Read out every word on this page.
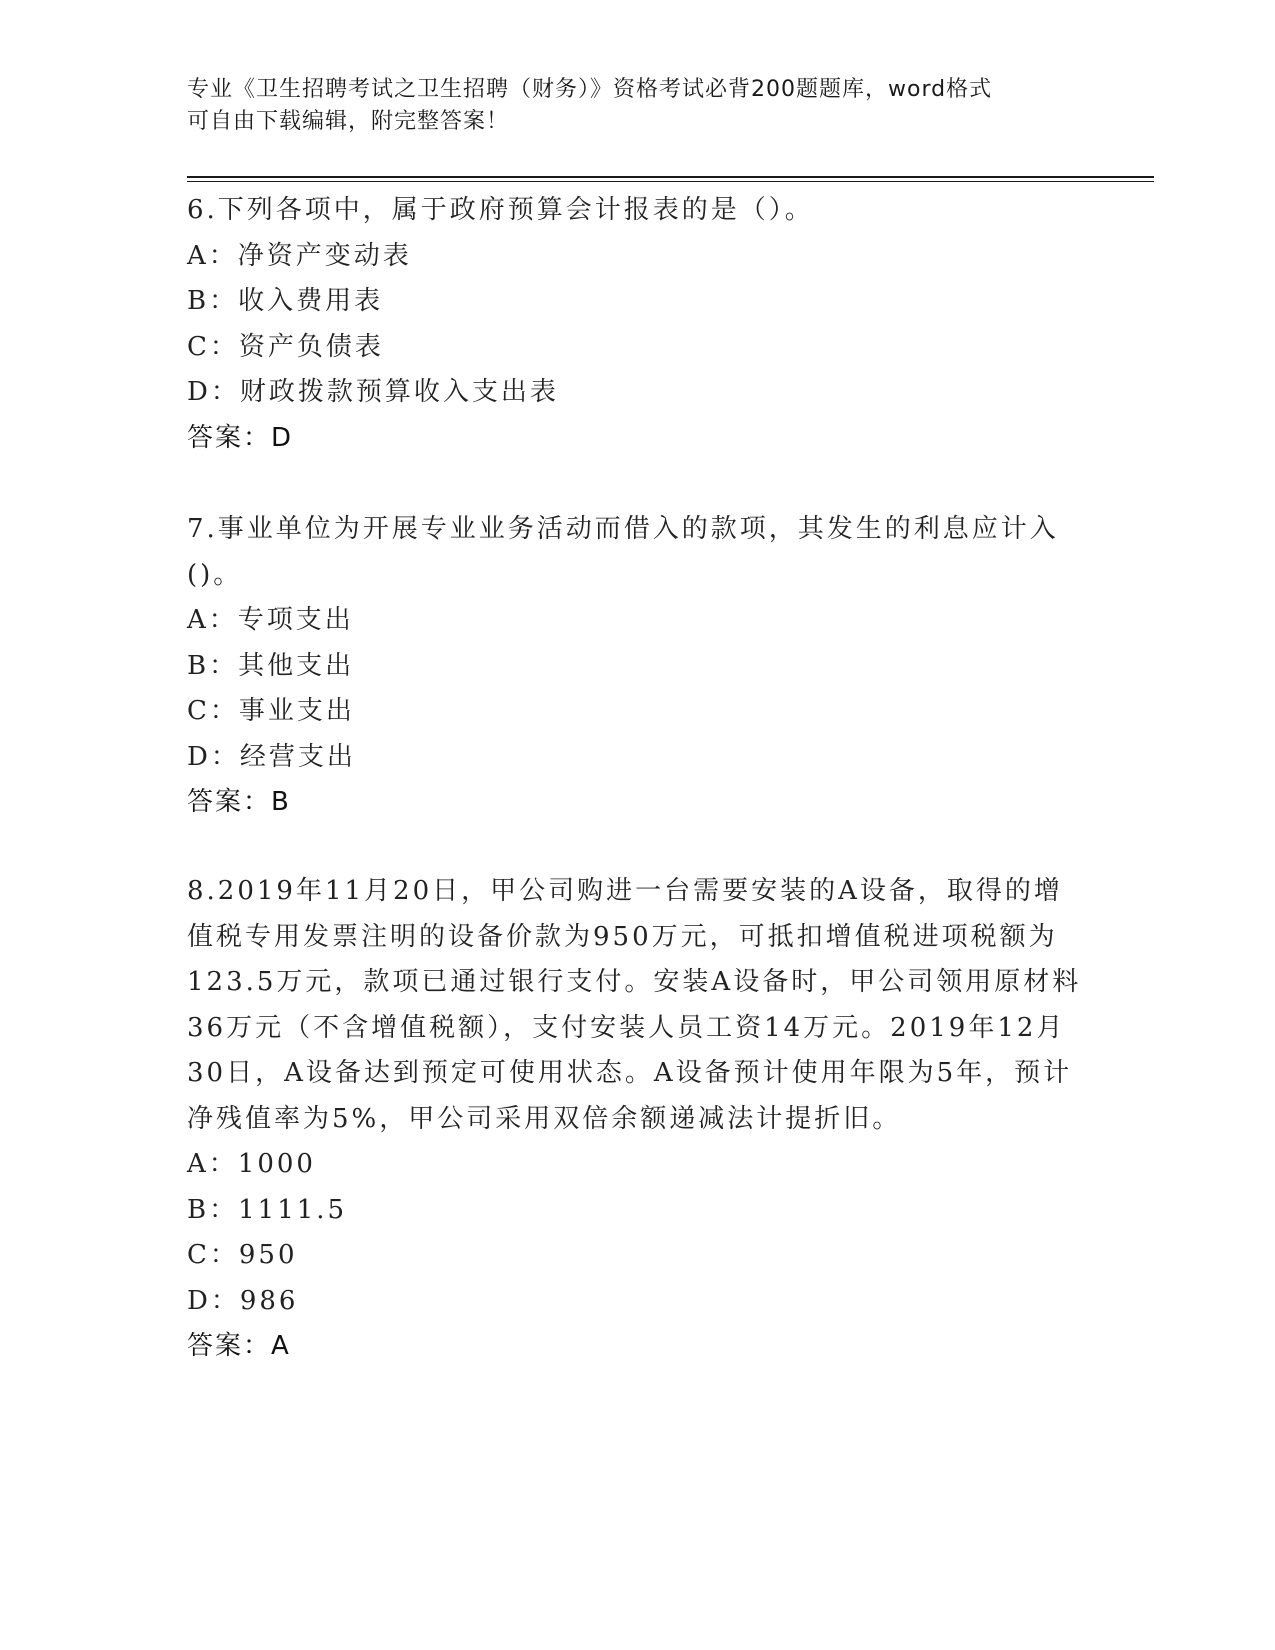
专业《卫生招聘考试之卫生招聘（财务）》资格考试必背200题题库，word格式
可自由下载编辑，附完整答案！
6.下列各项中，属于政府预算会计报表的是（）。
A：净资产变动表
B：收入费用表
C：资产负债表
D：财政拨款预算收入支出表
答案：D
7.事业单位为开展专业业务活动而借入的款项，其发生的利息应计入
()。
A：专项支出
B：其他支出
C：事业支出
D：经营支出
答案：B
8.2019年11月20日，甲公司购进一台需要安装的A设备，取得的增
值税专用发票注明的设备价款为950万元，可抵扣增值税进项税额为
123.5万元，款项已通过银行支付。安装A设备时，甲公司领用原材料
36万元（不含增值税额），支付安装人员工资14万元。2019年12月
30日，A设备达到预定可使用状态。A设备预计使用年限为5年，预计
净残值率为5%，甲公司采用双倍余额递减法计提折旧。
A：1000
B：1111.5
C：950
D：986
答案：A
